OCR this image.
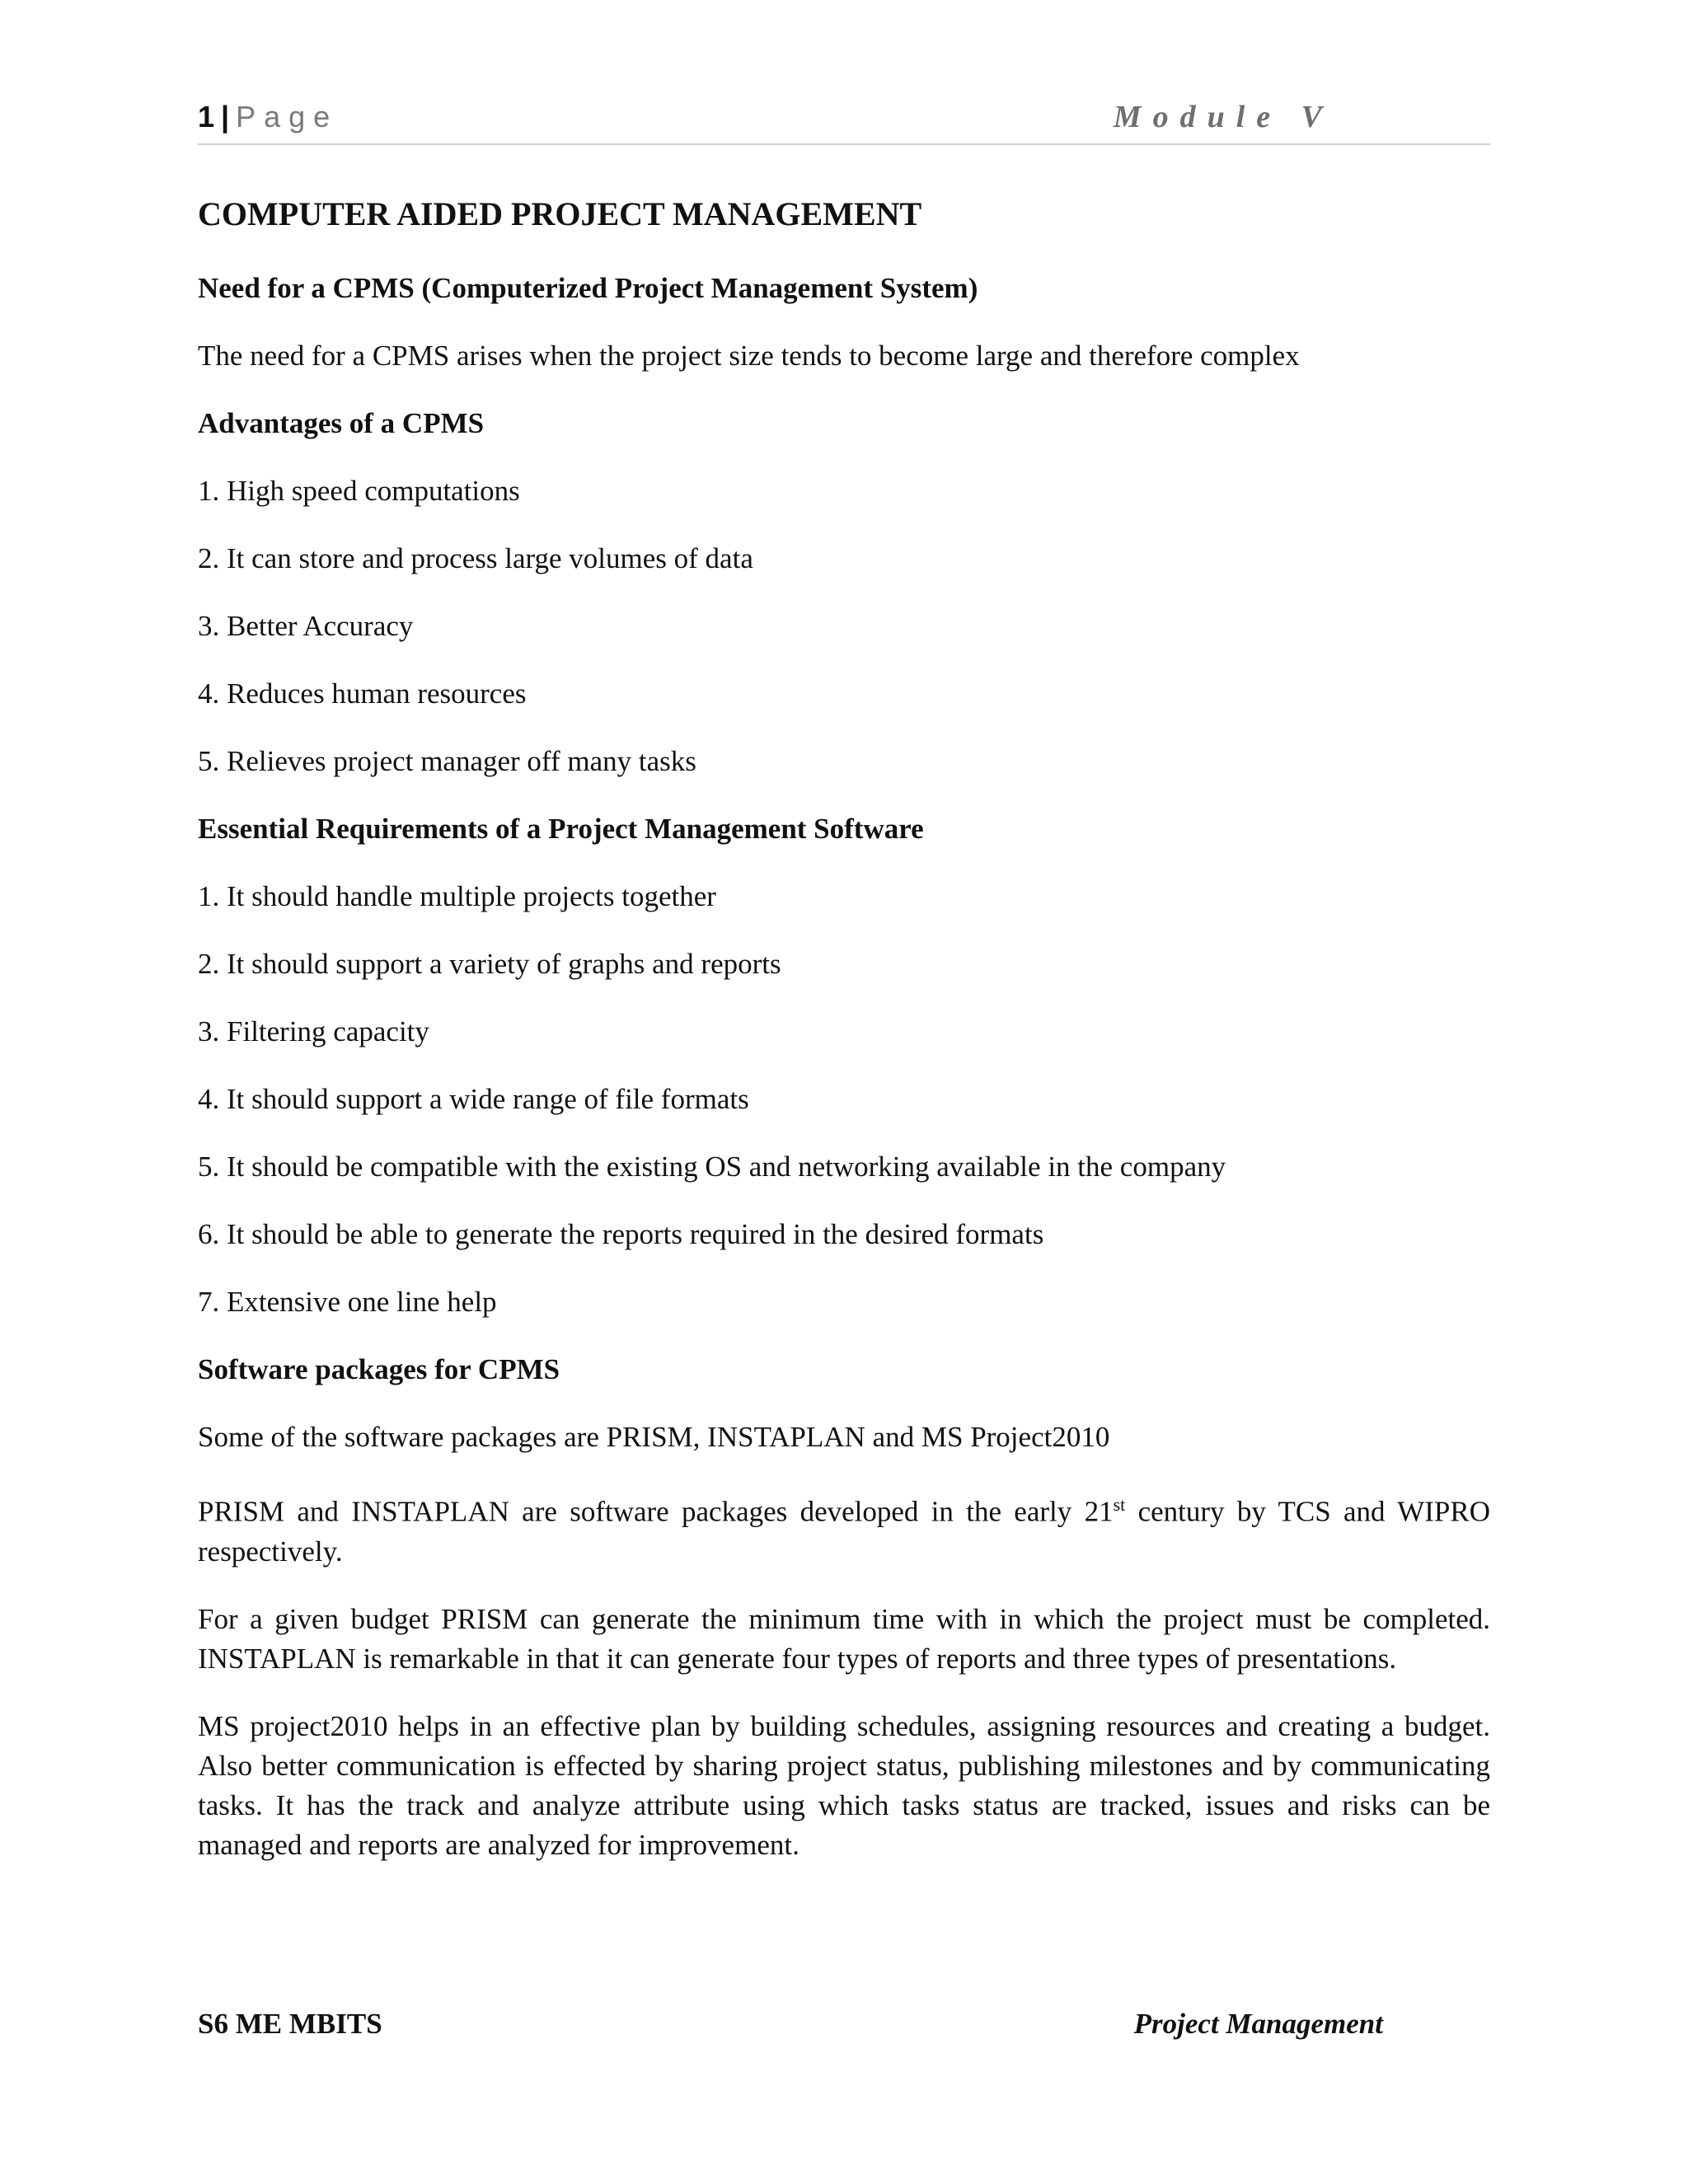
1 | Page	Module V
COMPUTER AIDED PROJECT MANAGEMENT
Need for a CPMS (Computerized Project Management System)
The need for a CPMS arises when the project size tends to become large and therefore complex
Advantages of a CPMS
1. High speed computations
2. It can store and process large volumes of data
3. Better Accuracy
4. Reduces human resources
5. Relieves project manager off many tasks
Essential Requirements of a Project Management Software
1. It should handle multiple projects together
2. It should support a variety of graphs and reports
3. Filtering capacity
4. It should support a wide range of file formats
5. It should be compatible with the existing OS and networking available in the company
6. It should be able to generate the reports required in the desired formats
7. Extensive one line help
Software packages for CPMS
Some of the software packages are PRISM, INSTAPLAN and MS Project2010
PRISM and INSTAPLAN are software packages developed in the early 21st century by TCS and WIPRO respectively.
For a given budget PRISM can generate the minimum time with in which the project must be completed. INSTAPLAN is remarkable in that it can generate four types of reports and three types of presentations.
MS project2010 helps in an effective plan by building schedules, assigning resources and creating a budget. Also better communication is effected by sharing project status, publishing milestones and by communicating tasks. It has the track and analyze attribute using which tasks status are tracked, issues and risks can be managed and reports are analyzed for improvement.
S6 ME MBITS	Project Management
